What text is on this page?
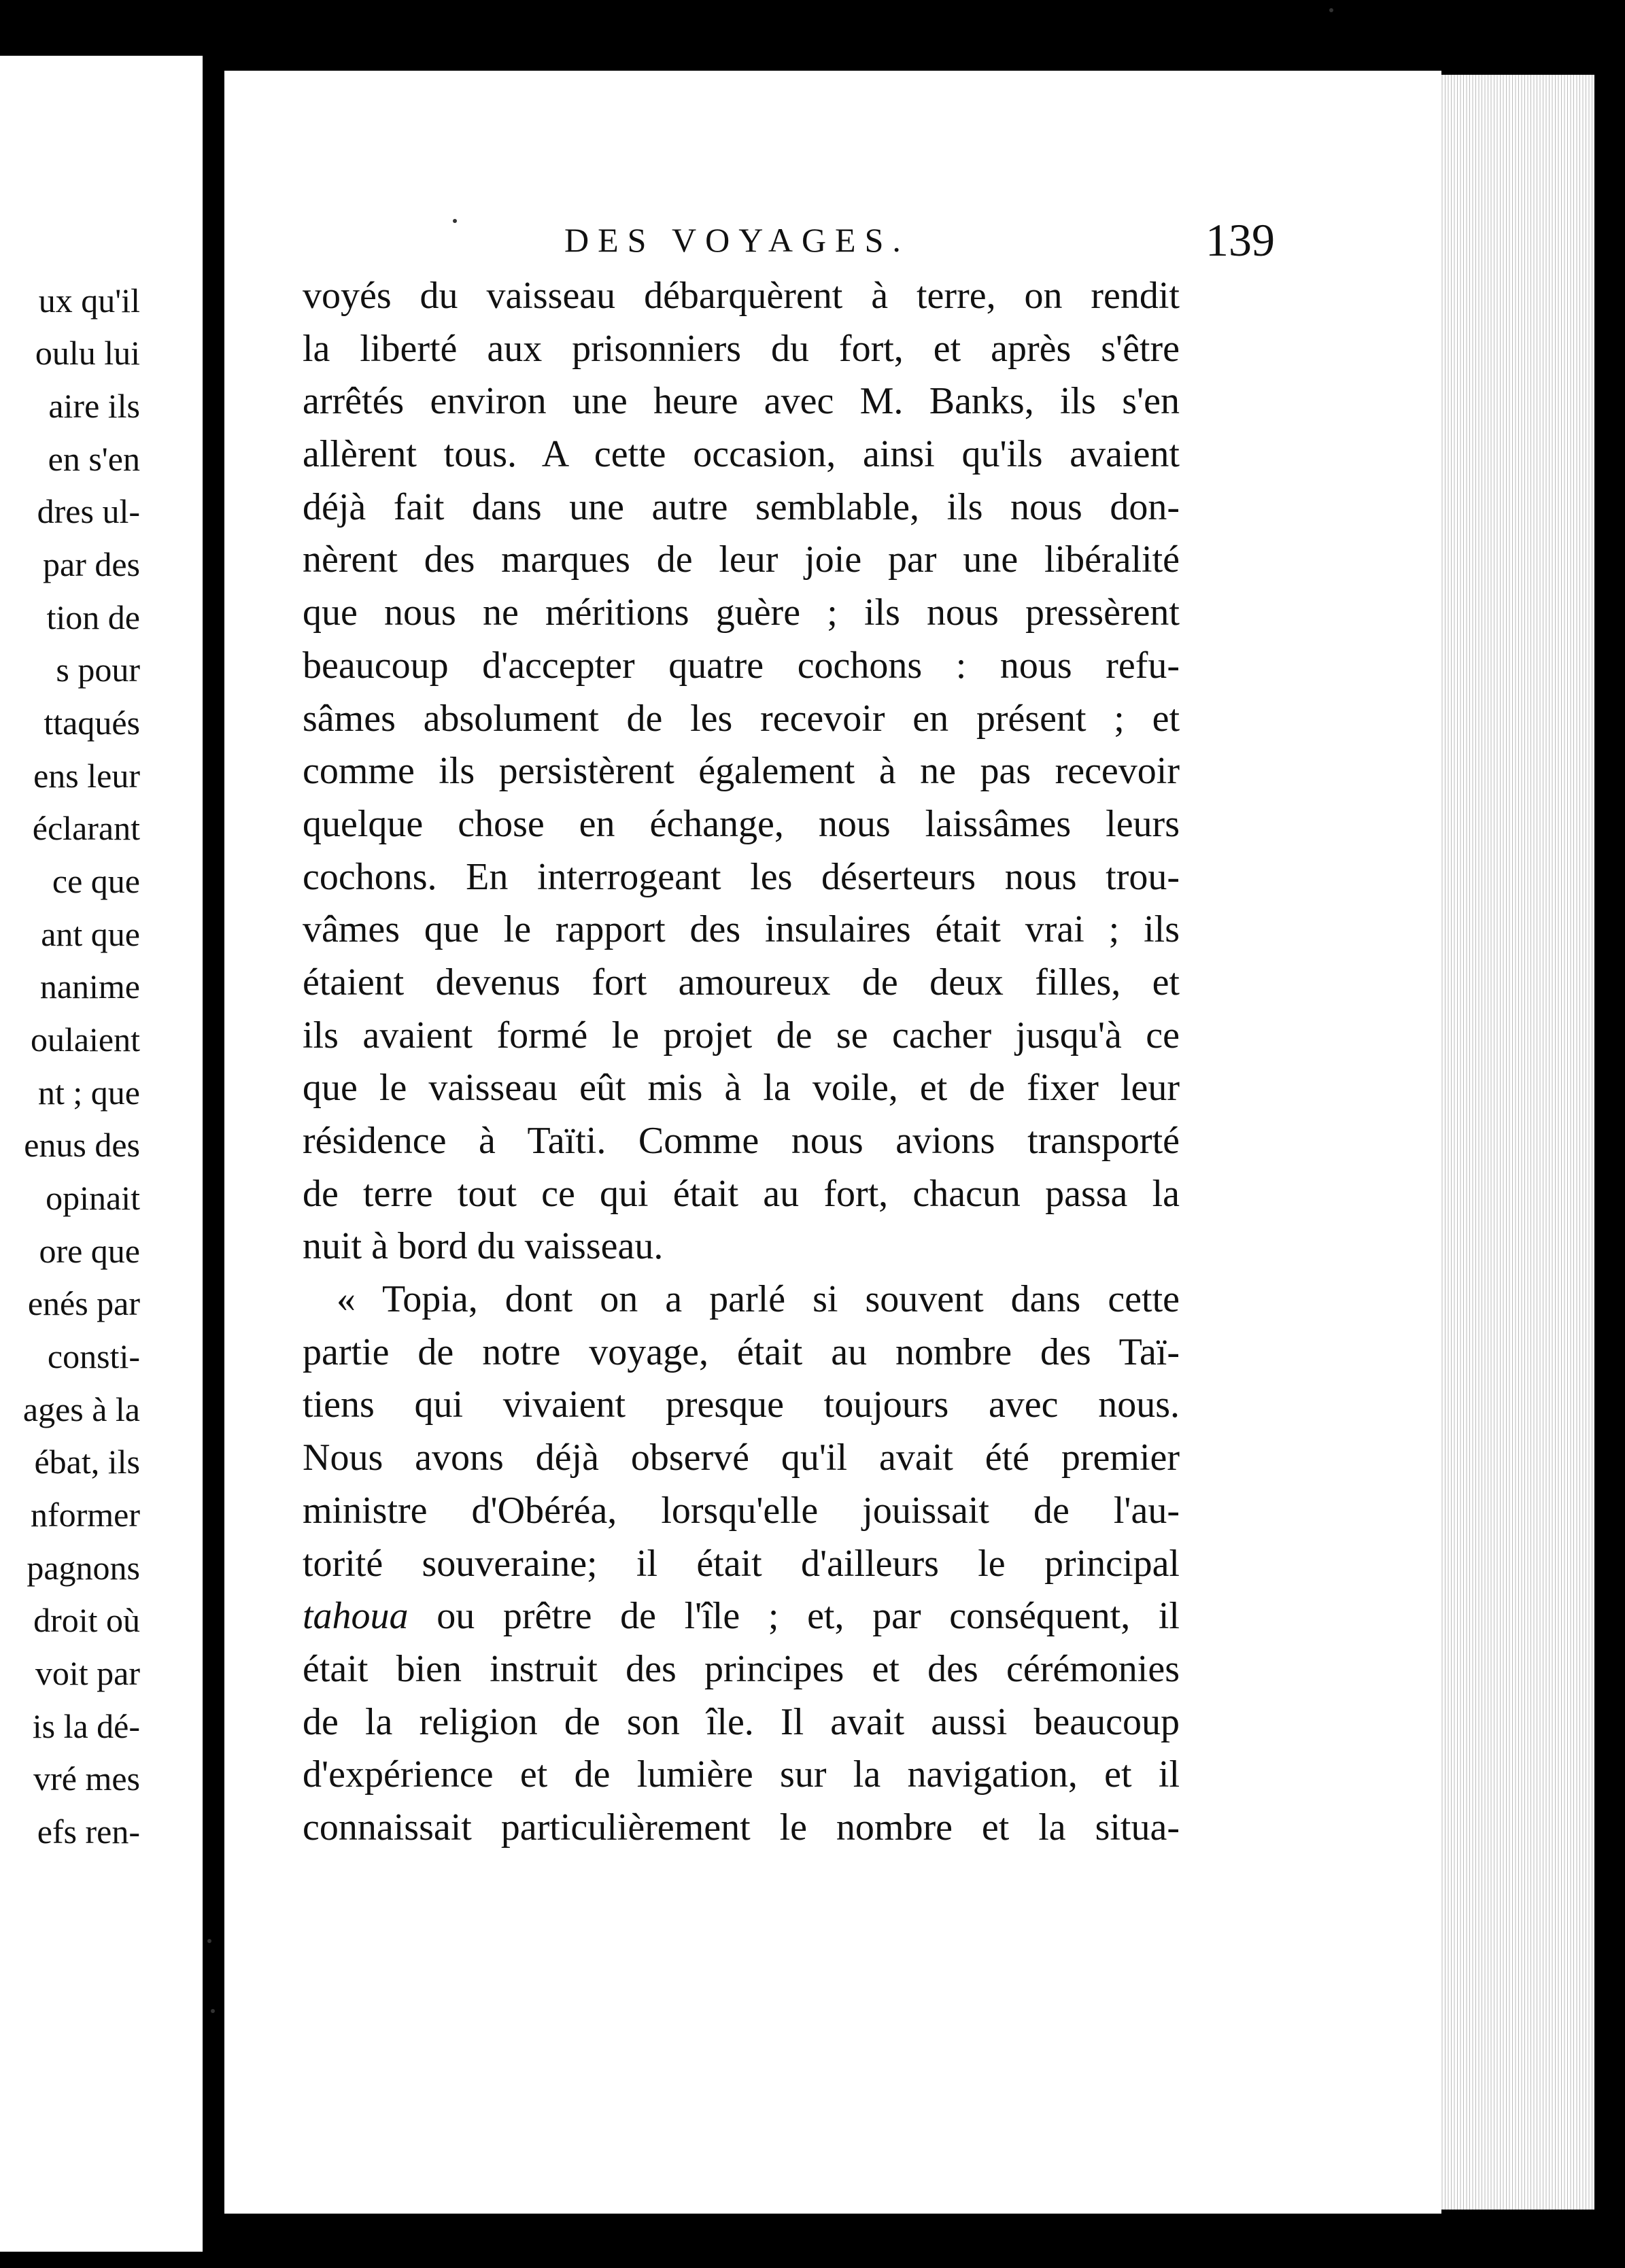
ux qu'il
oulu lui
aire ils
en s'en
dres ul-
par des
tion de
s pour
ttaqués
ens leur
éclarant
ce que
ant que
nanime
oulaient
nt ; que
enus des
opinait
ore que
enés par
consti-
ages à la
ébat, ils
nformer
pagnons
droit où
voit par
is la dé-
vré mes
efs ren-
DES VOYAGES.	139
voyés du vaisseau débarquèrent à terre, on rendit
la liberté aux prisonniers du fort, et après s'être
arrêtés environ une heure avec M. Banks, ils s'en
allèrent tous. A cette occasion, ainsi qu'ils avaient
déjà fait dans une autre semblable, ils nous don-
nèrent des marques de leur joie par une libéralité
que nous ne méritions guère ; ils nous pressèrent
beaucoup d'accepter quatre cochons : nous refu-
sâmes absolument de les recevoir en présent ; et
comme ils persistèrent également à ne pas recevoir
quelque chose en échange, nous laissâmes leurs
cochons. En interrogeant les déserteurs nous trou-
vâmes que le rapport des insulaires était vrai ; ils
étaient devenus fort amoureux de deux filles, et
ils avaient formé le projet de se cacher jusqu'à ce
que le vaisseau eût mis à la voile, et de fixer leur
résidence à Taïti. Comme nous avions transporté
de terre tout ce qui était au fort, chacun passa la
nuit à bord du vaisseau.
« Topia, dont on a parlé si souvent dans cette
partie de notre voyage, était au nombre des Taï-
tiens qui vivaient presque toujours avec nous.
Nous avons déjà observé qu'il avait été premier
ministre d'Obéréa, lorsqu'elle jouissait de l'au-
torité souveraine; il était d'ailleurs le principal
tahoua ou prêtre de l'île ; et, par conséquent, il
était bien instruit des principes et des cérémonies
de la religion de son île. Il avait aussi beaucoup
d'expérience et de lumière sur la navigation, et il
connaissait particulièrement le nombre et la situa-
